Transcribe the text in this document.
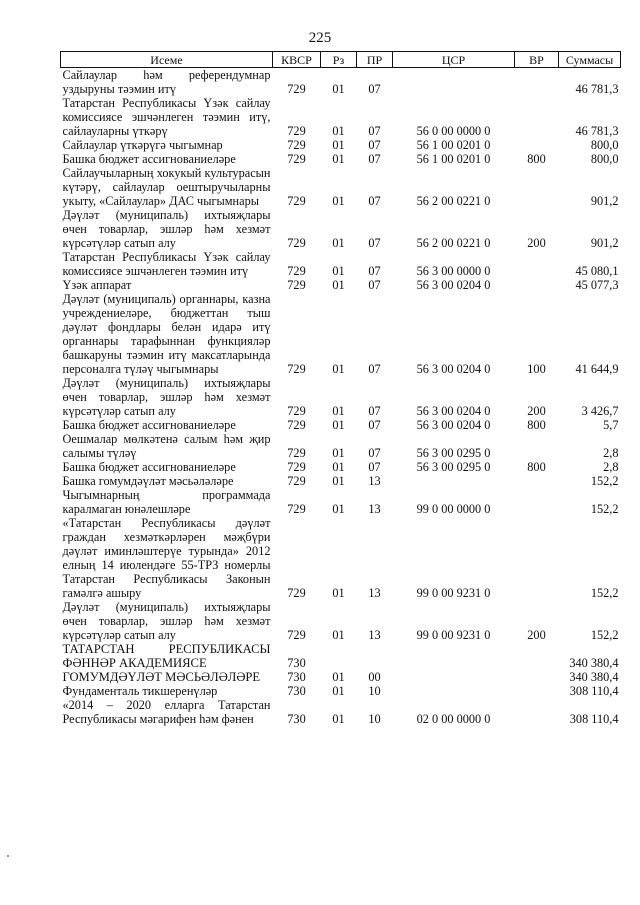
225
Исеме	КВСР	Рз	ПР	ЦСР	ВР	Суммасы
Сайлаулар һәм референдумнар уздыруны тәэмин итү	729	01	07			46 781,3
Татарстан Республикасы Үзәк сайлау комиссиясе эшчәнлеген тәэмин итү, сайлауларны үткәрү	729	01	07	56 0 00 0000 0		46 781,3
Сайлаулар үткәрүгә чыгымнар	729	01	07	56 1 00 0201 0		800,0
Башка бюджет ассигнованиеләре	729	01	07	56 1 00 0201 0	800	800,0
Сайлаучыларның хокукый культурасын күтәрү, сайлаулар оештыручыларны укыту, «Сайлаулар» ДАС чыгымнары	729	01	07	56 2 00 0221 0		901,2
Дәүләт (муниципаль) ихтыяҗлары өчен товарлар, эшләр һәм хезмәт күрсәтүләр сатып алу	729	01	07	56 2 00 0221 0	200	901,2
Татарстан Республикасы Үзәк сайлау комиссиясе эшчәнлеген тәэмин итү	729	01	07	56 3 00 0000 0		45 080,1
Үзәк аппарат	729	01	07	56 3 00 0204 0		45 077,3
Дәүләт (муниципаль) органнары, казна учреждениеләре, бюджеттан тыш дәүләт фондлары белән идарә итү органнары тарафыннан функцияләр башкаруны тәэмин итү максатларында персоналга түләү чыгымнары	729	01	07	56 3 00 0204 0	100	41 644,9
Дәүләт (муниципаль) ихтыяҗлары өчен товарлар, эшләр һәм хезмәт күрсәтүләр сатып алу	729	01	07	56 3 00 0204 0	200	3 426,7
Башка бюджет ассигнованиеләре	729	01	07	56 3 00 0204 0	800	5,7
Оешмалар мөлкәтенә салым һәм җир салымы түләү	729	01	07	56 3 00 0295 0		2,8
Башка бюджет ассигнованиеләре	729	01	07	56 3 00 0295 0	800	2,8
Башка гомумдәүләт мәсьәләләре	729	01	13			152,2
Чыгымнарның программада каралмаган юнәлешләре	729	01	13	99 0 00 0000 0		152,2
«Татарстан Республикасы дәүләт граждан хезмәткәрләрен мәҗбүри дәүләт иминләштерүе турында» 2012 елның 14 июлендәге 55-ТРЗ номерлы Татарстан Республикасы Законын гамәлгә ашыру	729	01	13	99 0 00 9231 0		152,2
Дәүләт (муниципаль) ихтыяҗлары өчен товарлар, эшләр һәм хезмәт күрсәтүләр сатып алу	729	01	13	99 0 00 9231 0	200	152,2
ТАТАРСТАН РЕСПУБЛИКАСЫ ФӘННӘР АКАДЕМИЯСЕ	730					340 380,4
ГОМУМДӘҮЛӘТ МӘСЬӘЛӘЛӘРЕ	730	01	00			340 380,4
Фундаменталь тикшеренүләр	730	01	10			308 110,4
«2014 – 2020 елларга Татарстан Республикасы мәгарифен һәм фәнен	730	01	10	02 0 00 0000 0		308 110,4
